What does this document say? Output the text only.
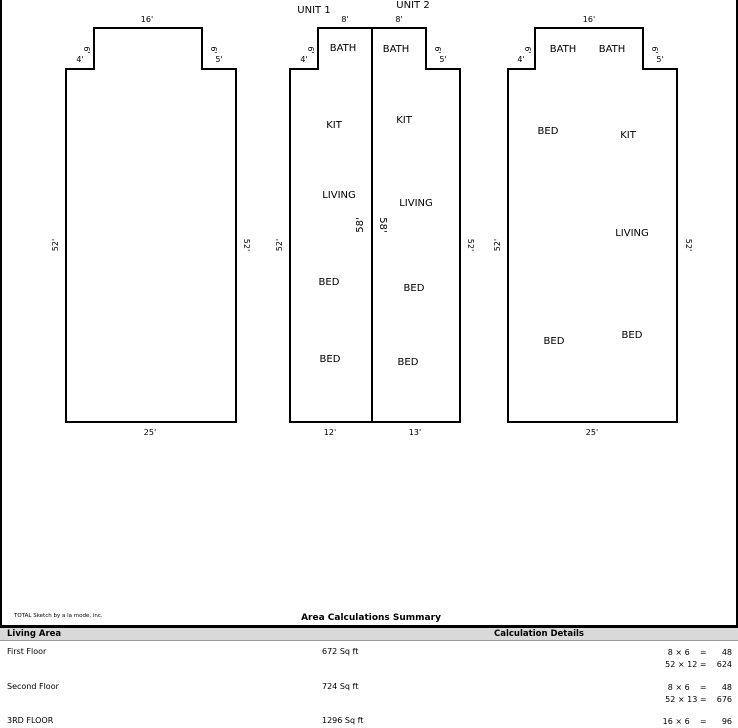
16'
6'
4'
6'
5'
52'	52'
25'
UNIT 1	UNIT 2
8'	8'
6'
4'
6'
5'
52'	52'
58' 58'
12'	13'
BATH	BATH
KIT	KIT
LIVING
LIVING
BED
BED
BED	BED
16'
6'
4'
6'
5'
52'	52'
25'
BATH BATH
BED	KIT
LIVING
BED
BED
TOTAL Sketch by a la mode, inc.	Area Calculations Summary
Living Area	Calculation Details
First Floor	672 Sq ft	8 × 6    =      48
52 × 12 =    624
Second Floor	724 Sq ft	8 × 6    =      48
52 × 13 =    676
3RD FLOOR	1296 Sq ft	16 × 6    =      96
